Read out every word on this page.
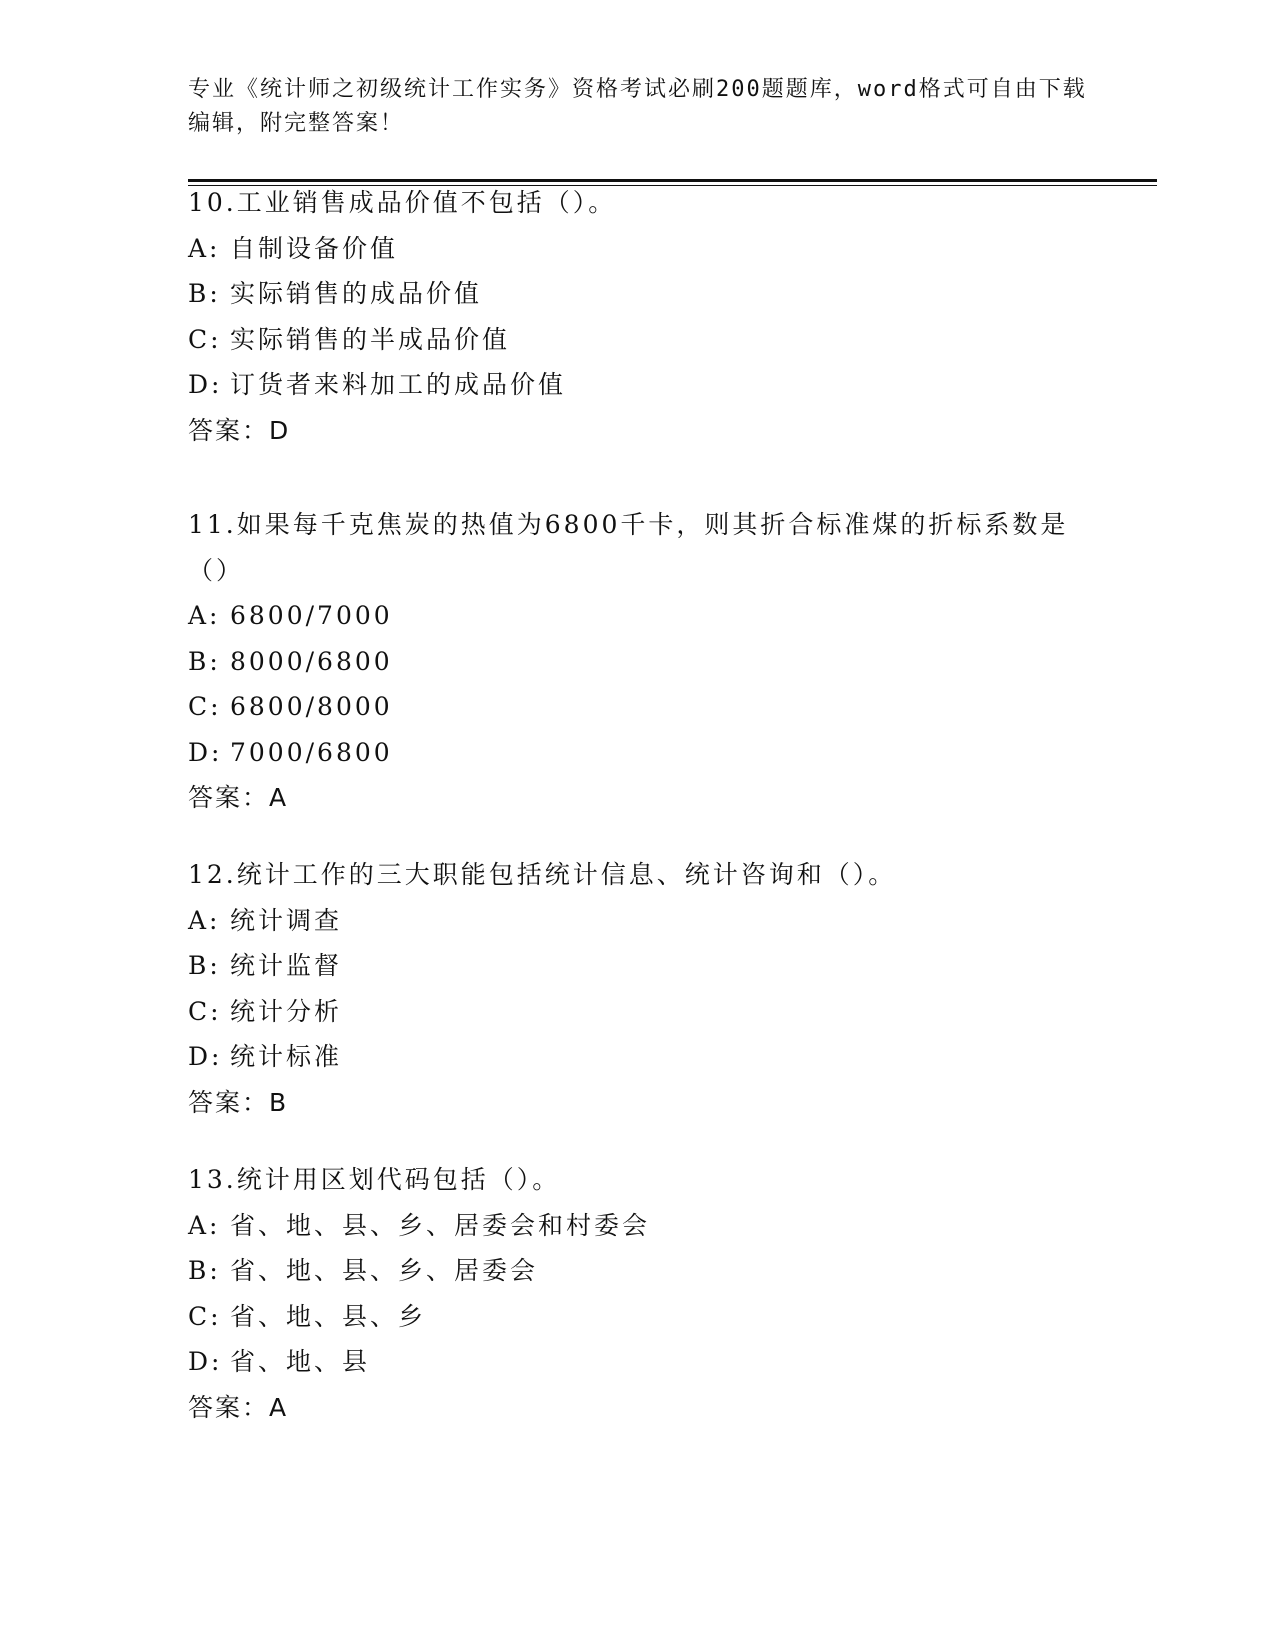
专业《统计师之初级统计工作实务》资格考试必刷200题题库，word格式可自由下载编辑，附完整答案！
10.工业销售成品价值不包括（）。
A: 自制设备价值
B: 实际销售的成品价值
C: 实际销售的半成品价值
D: 订货者来料加工的成品价值
答案：D
11.如果每千克焦炭的热值为6800千卡，则其折合标准煤的折标系数是（）
A: 6800/7000
B: 8000/6800
C: 6800/8000
D: 7000/6800
答案：A
12.统计工作的三大职能包括统计信息、统计咨询和（）。
A: 统计调查
B: 统计监督
C: 统计分析
D: 统计标准
答案：B
13.统计用区划代码包括（）。
A: 省、地、县、乡、居委会和村委会
B: 省、地、县、乡、居委会
C: 省、地、县、乡
D: 省、地、县
答案：A
